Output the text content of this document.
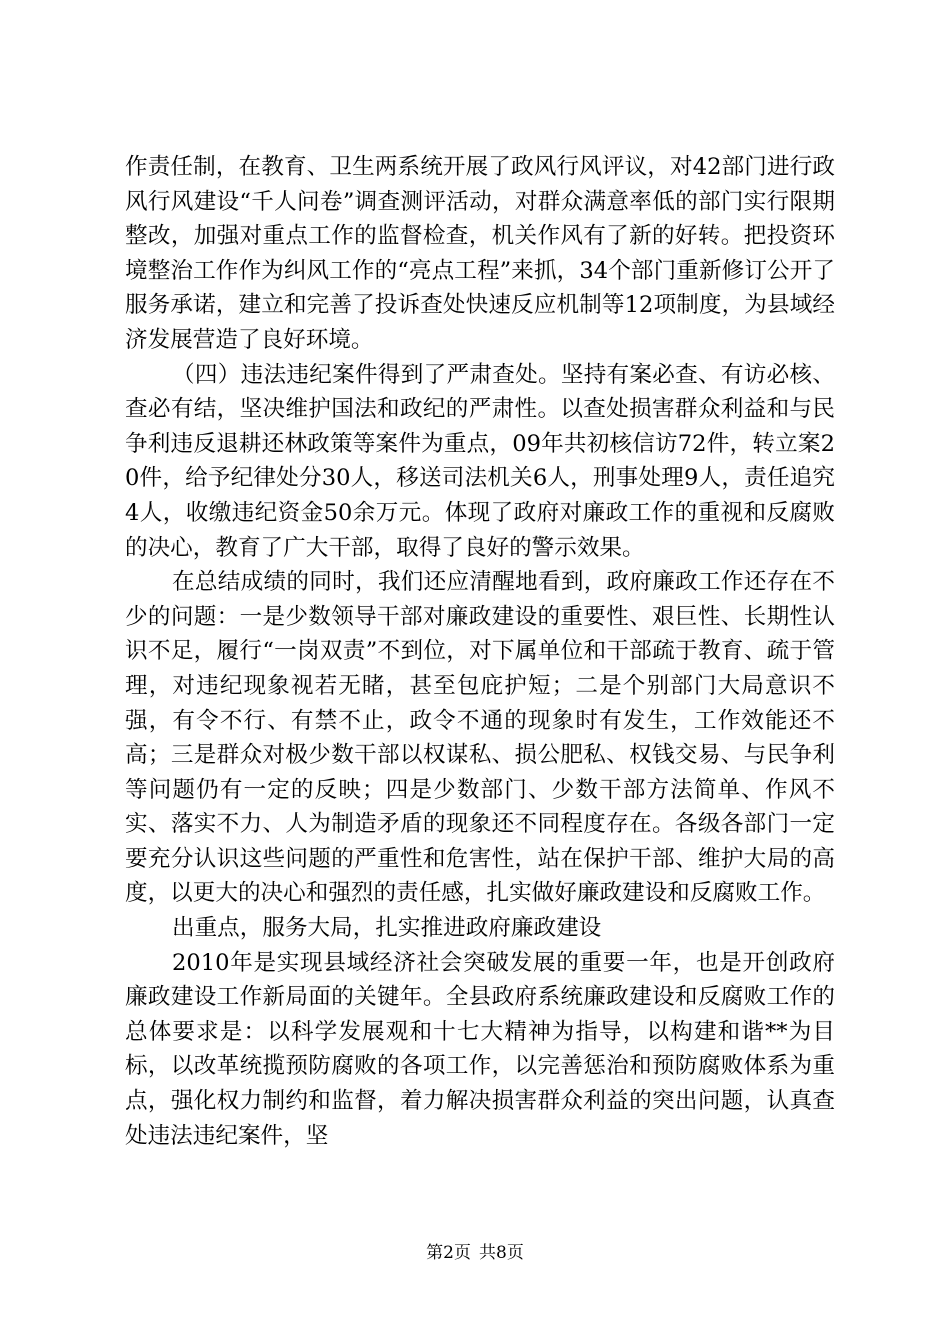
作责任制，在教育、卫生两系统开展了政风行风评议，对42部门进行政风行风建设“千人问卷”调查测评活动，对群众满意率低的部门实行限期整改，加强对重点工作的监督检查，机关作风有了新的好转。把投资环境整治工作作为纠风工作的“亮点工程”来抓，34个部门重新修订公开了服务承诺，建立和完善了投诉查处快速反应机制等12项制度，为县域经济发展营造了良好环境。

（四）违法违纪案件得到了严肃查处。坚持有案必查、有访必核、查必有结，坚决维护国法和政纪的严肃性。以查处损害群众利益和与民争利违反退耕还林政策等案件为重点，09年共初核信访72件，转立案20件，给予纪律处分30人，移送司法机关6人，刑事处理9人，责任追究4人，收缴违纪资金50余万元。体现了政府对廉政工作的重视和反腐败的决心，教育了广大干部，取得了良好的警示效果。

在总结成绩的同时，我们还应清醒地看到，政府廉政工作还存在不少的问题：一是少数领导干部对廉政建设的重要性、艰巨性、长期性认识不足，履行“一岗双责”不到位，对下属单位和干部疏于教育、疏于管理，对违纪现象视若无睹，甚至包庇护短；二是个别部门大局意识不强，有令不行、有禁不止，政令不通的现象时有发生，工作效能还不高；三是群众对极少数干部以权谋私、损公肥私、权钱交易、与民争利等问题仍有一定的反映；四是少数部门、少数干部方法简单、作风不实、落实不力、人为制造矛盾的现象还不同程度存在。各级各部门一定要充分认识这些问题的严重性和危害性，站在保护干部、维护大局的高度，以更大的决心和强烈的责任感，扎实做好廉政建设和反腐败工作。

出重点，服务大局，扎实推进政府廉政建设

2010年是实现县域经济社会突破发展的重要一年，也是开创政府廉政建设工作新局面的关键年。全县政府系统廉政建设和反腐败工作的总体要求是：以科学发展观和十七大精神为指导，以构建和谐**为目标，以改革统揽预防腐败的各项工作，以完善惩治和预防腐败体系为重点，强化权力制约和监督，着力解决损害群众利益的突出问题，认真查处违法违纪案件，坚

第2页 共8页
